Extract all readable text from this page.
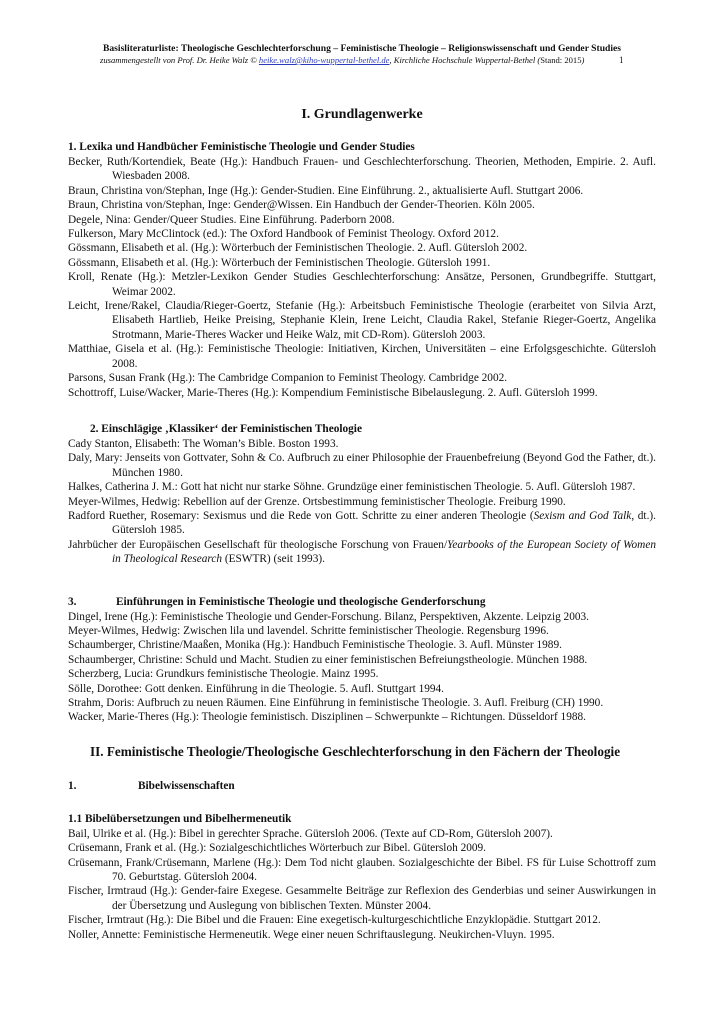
Basisliteraturliste: Theologische Geschlechterforschung – Feministische Theologie – Religionswissenschaft und Gender Studies
zusammengestellt von Prof. Dr. Heike Walz © heike.walz@kiho-wuppertal-bethel.de, Kirchliche Hochschule Wuppertal-Bethel (Stand: 2015)	1
I. Grundlagenwerke
1. Lexika und Handbücher Feministische Theologie und Gender Studies

Becker, Ruth/Kortendiek, Beate (Hg.): Handbuch Frauen- und Geschlechterforschung. Theorien, Methoden, Empirie. 2. Aufl. Wiesbaden 2008.

Braun, Christina von/Stephan, Inge (Hg.): Gender-Studien. Eine Einführung. 2., aktualisierte Aufl. Stuttgart 2006.

Braun, Christina von/Stephan, Inge: Gender@Wissen. Ein Handbuch der Gender-Theorien. Köln 2005.

Degele, Nina: Gender/Queer Studies. Eine Einführung. Paderborn 2008.

Fulkerson, Mary McClintock (ed.): The Oxford Handbook of Feminist Theology. Oxford 2012.

Gössmann, Elisabeth et al. (Hg.): Wörterbuch der Feministischen Theologie. 2. Aufl. Gütersloh 2002.

Gössmann, Elisabeth et al. (Hg.): Wörterbuch der Feministischen Theologie. Gütersloh 1991.

Kroll, Renate (Hg.): Metzler-Lexikon Gender Studies Geschlechterforschung: Ansätze, Personen, Grundbegriffe. Stuttgart, Weimar 2002.

Leicht, Irene/Rakel, Claudia/Rieger-Goertz, Stefanie (Hg.): Arbeitsbuch Feministische Theologie (erarbeitet von Silvia Arzt, Elisabeth Hartlieb, Heike Preising, Stephanie Klein, Irene Leicht, Claudia Rakel, Stefanie Rieger-Goertz, Angelika Strotmann, Marie-Theres Wacker und Heike Walz, mit CD-Rom). Gütersloh 2003.

Matthiae, Gisela et al. (Hg.): Feministische Theologie: Initiativen, Kirchen, Universitäten – eine Erfolgsgeschichte. Gütersloh 2008.

Parsons, Susan Frank (Hg.): The Cambridge Companion to Feminist Theology. Cambridge 2002.

Schottroff, Luise/Wacker, Marie-Theres (Hg.): Kompendium Feministische Bibelauslegung. 2. Aufl. Gütersloh 1999.

2. Einschlägige ‚Klassiker‘ der Feministischen Theologie

Cady Stanton, Elisabeth: The Woman’s Bible. Boston 1993.

Daly, Mary: Jenseits von Gottvater, Sohn & Co. Aufbruch zu einer Philosophie der Frauenbefreiung (Beyond God the Father, dt.). München 1980.

Halkes, Catherina J. M.: Gott hat nicht nur starke Söhne. Grundzüge einer feministischen Theologie. 5. Aufl. Gütersloh 1987.

Meyer-Wilmes, Hedwig: Rebellion auf der Grenze. Ortsbestimmung feministischer Theologie. Freiburg 1990.

Radford Ruether, Rosemary: Sexismus und die Rede von Gott. Schritte zu einer anderen Theologie (Sexism and God Talk, dt.). Gütersloh 1985.

Jahrbücher der Europäischen Gesellschaft für theologische Forschung von Frauen/Yearbooks of the European Society of Women in Theological Research (ESWTR) (seit 1993).

3.	Einführungen in Feministische Theologie und theologische Genderforschung

Dingel, Irene (Hg.): Feministische Theologie und Gender-Forschung. Bilanz, Perspektiven, Akzente. Leipzig 2003.

Meyer-Wilmes, Hedwig: Zwischen lila und lavendel. Schritte feministischer Theologie. Regensburg 1996.

Schaumberger, Christine/Maaßen, Monika (Hg.): Handbuch Feministische Theologie. 3. Aufl. Münster 1989.

Schaumberger, Christine: Schuld und Macht. Studien zu einer feministischen Befreiungstheologie. München 1988.

Scherzberg, Lucia: Grundkurs feministische Theologie. Mainz 1995.

Sölle, Dorothee: Gott denken. Einführung in die Theologie. 5. Aufl. Stuttgart 1994.

Strahm, Doris: Aufbruch zu neuen Räumen. Eine Einführung in feministische Theologie. 3. Aufl. Freiburg (CH) 1990.

Wacker, Marie-Theres (Hg.): Theologie feministisch. Disziplinen – Schwerpunkte – Richtungen. Düsseldorf 1988.

II. Feministische Theologie/Theologische Geschlechterforschung in den Fächern der Theologie
1.	Bibelwissenschaften
1.1 Bibelübersetzungen und Bibelhermeneutik

Bail, Ulrike et al. (Hg.): Bibel in gerechter Sprache. Gütersloh 2006. (Texte auf CD-Rom, Gütersloh 2007).

Crüsemann, Frank et al. (Hg.): Sozialgeschichtliches Wörterbuch zur Bibel. Gütersloh 2009.

Crüsemann, Frank/Crüsemann, Marlene (Hg.): Dem Tod nicht glauben. Sozialgeschichte der Bibel. FS für Luise Schottroff zum 70. Geburtstag. Gütersloh 2004.

Fischer, Irmtraud (Hg.): Gender-faire Exegese. Gesammelte Beiträge zur Reflexion des Genderbias und seiner Auswirkungen in der Übersetzung und Auslegung von biblischen Texten. Münster 2004.

Fischer, Irmtraut (Hg.): Die Bibel und die Frauen: Eine exegetisch-kulturgeschichtliche Enzyklopädie. Stuttgart 2012.

Noller, Annette: Feministische Hermeneutik. Wege einer neuen Schriftauslegung. Neukirchen-Vluyn. 1995.
